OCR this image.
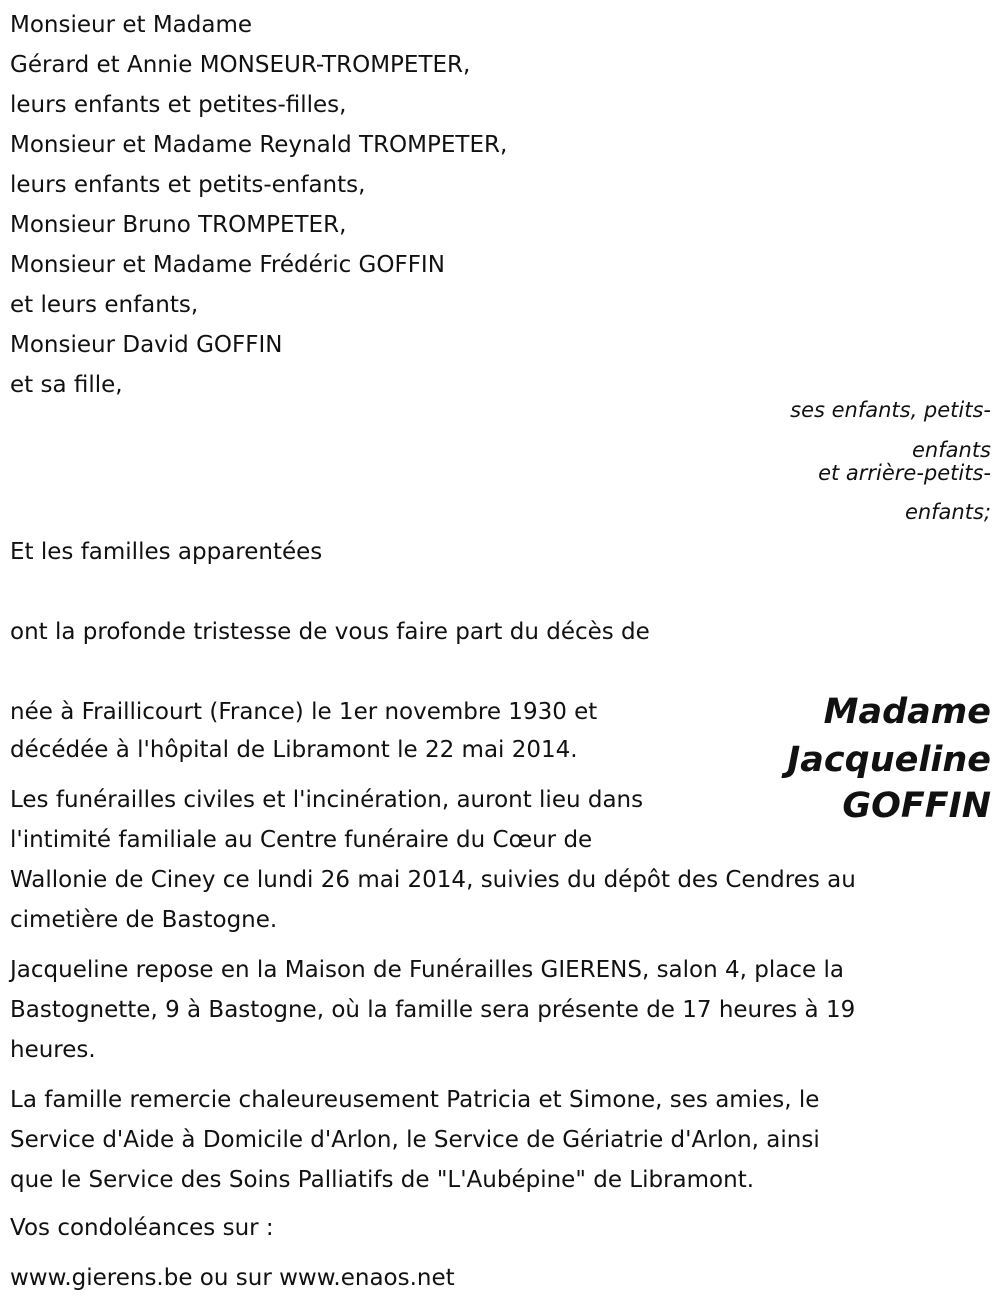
Monsieur et Madame
Gérard et Annie MONSEUR-TROMPETER,
leurs enfants et petites-filles,
Monsieur et Madame Reynald TROMPETER,
leurs enfants et petits-enfants,
Monsieur Bruno TROMPETER,
Monsieur et Madame Frédéric GOFFIN
et leurs enfants,
Monsieur David GOFFIN
et sa fille,
ses enfants, petits-
enfants
et arrière-petits-
enfants;
Et les familles apparentées
ont la profonde tristesse de vous faire part du décès de
Madame
Jacqueline
GOFFIN
née à Fraillicourt (France) le 1er novembre 1930 et
décédée à l'hôpital de Libramont le 22 mai 2014.
Les funérailles civiles et l'incinération, auront lieu dans
l'intimité familiale au Centre funéraire du Cœur de
Wallonie de Ciney ce lundi 26 mai 2014, suivies du dépôt des Cendres au
cimetière de Bastogne.
Jacqueline repose en la Maison de Funérailles GIERENS, salon 4, place la
Bastognette, 9 à Bastogne, où la famille sera présente de 17 heures à 19
heures.
La famille remercie chaleureusement Patricia et Simone, ses amies, le
Service d'Aide à Domicile d'Arlon, le Service de Gériatrie d'Arlon, ainsi
que le Service des Soins Palliatifs de "L'Aubépine" de Libramont.
Vos condoléances sur :
www.gierens.be ou sur www.enaos.net
